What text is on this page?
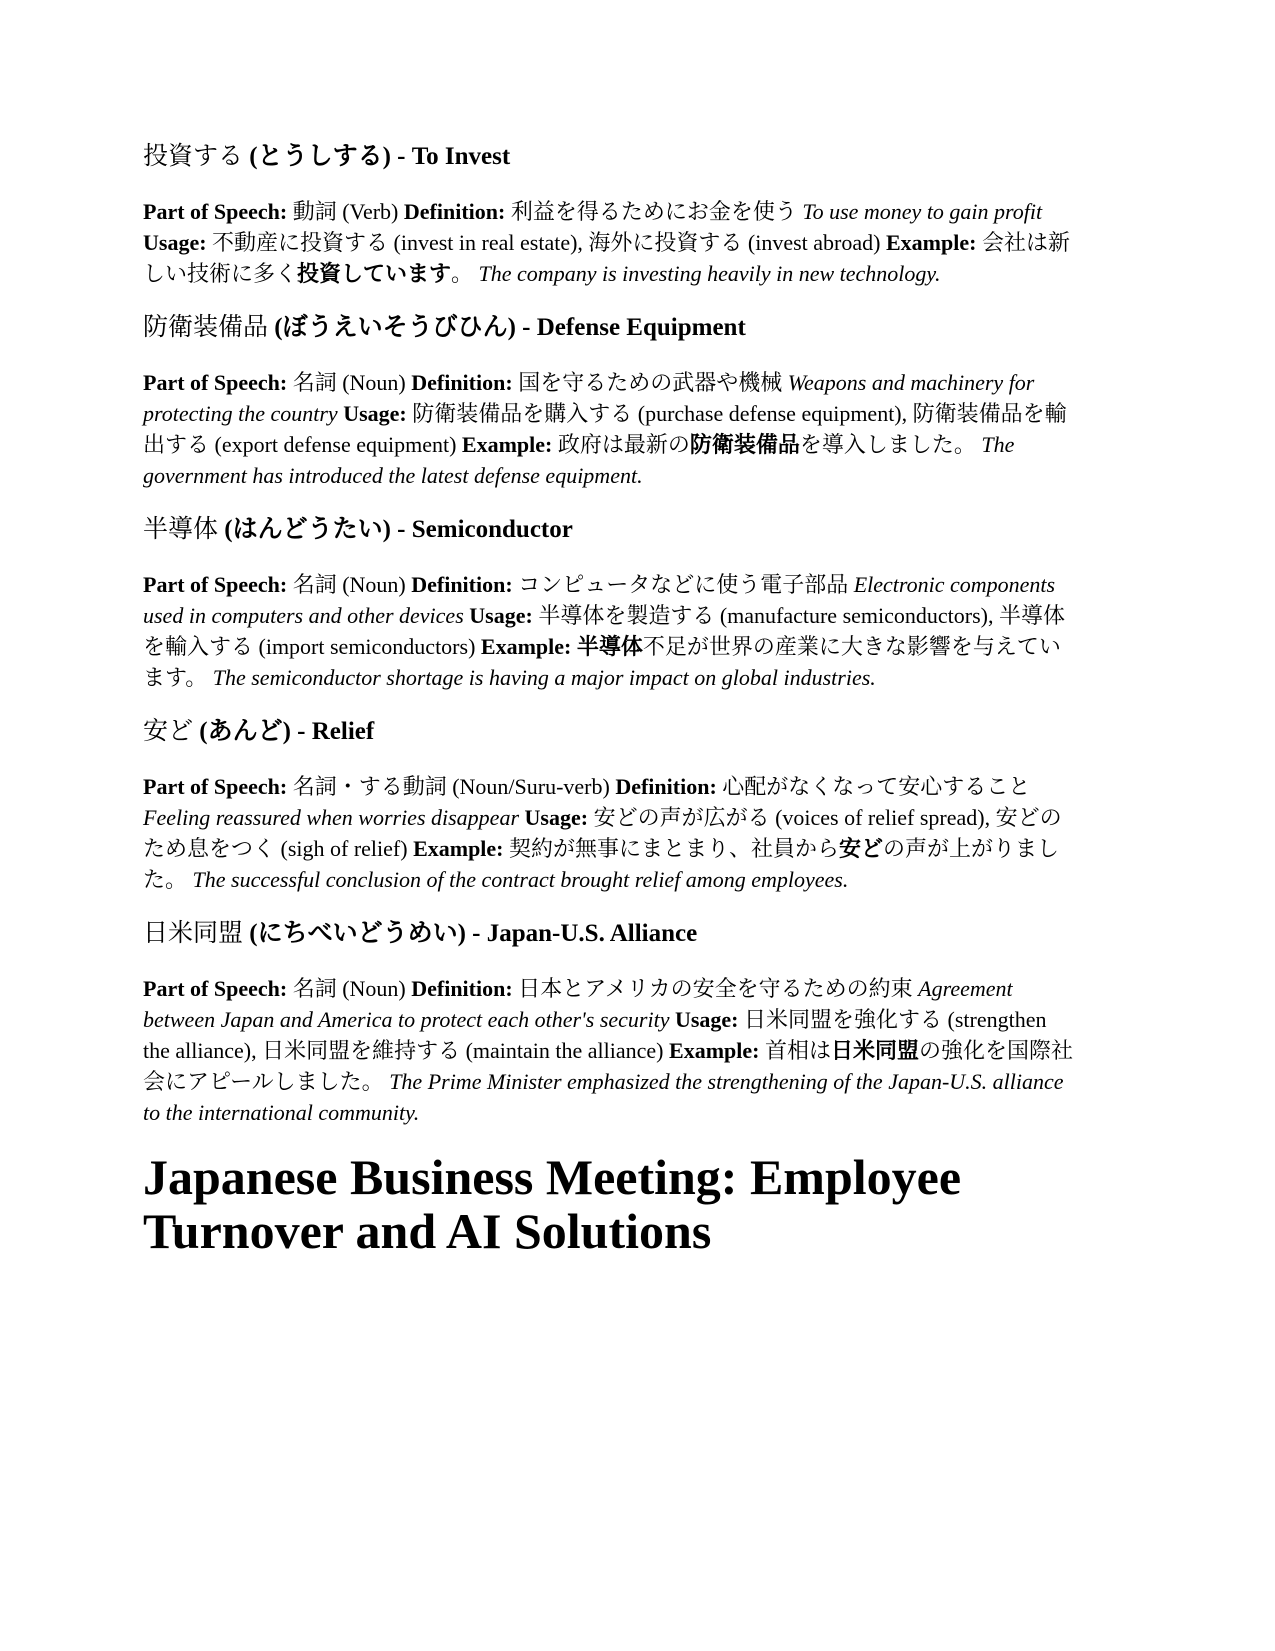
投資する (とうしする) - To Invest

Part of Speech: 動詞 (Verb) Definition: 利益を得るためにお金を使う To use money to gain profit Usage: 不動産に投資する (invest in real estate), 海外に投資する (invest abroad) Example: 会社は新しい技術に多く投資しています。 The company is investing heavily in new technology.

防衛装備品 (ぼうえいそうびひん) - Defense Equipment

Part of Speech: 名詞 (Noun) Definition: 国を守るための武器や機械 Weapons and machinery for protecting the country Usage: 防衛装備品を購入する (purchase defense equipment), 防衛装備品を輸出する (export defense equipment) Example: 政府は最新の防衛装備品を導入しました。 The government has introduced the latest defense equipment.

半導体 (はんどうたい) - Semiconductor

Part of Speech: 名詞 (Noun) Definition: コンピュータなどに使う電子部品 Electronic components used in computers and other devices Usage: 半導体を製造する (manufacture semiconductors), 半導体を輸入する (import semiconductors) Example: 半導体不足が世界の産業に大きな影響を与えています。 The semiconductor shortage is having a major impact on global industries.

安ど (あんど) - Relief

Part of Speech: 名詞・する動詞 (Noun/Suru-verb) Definition: 心配がなくなって安心すること Feeling reassured when worries disappear Usage: 安どの声が広がる (voices of relief spread), 安どのため息をつく (sigh of relief) Example: 契約が無事にまとまり、社員から安どの声が上がりました。 The successful conclusion of the contract brought relief among employees.

日米同盟 (にちべいどうめい) - Japan-U.S. Alliance

Part of Speech: 名詞 (Noun) Definition: 日本とアメリカの安全を守るための約束 Agreement between Japan and America to protect each other's security Usage: 日米同盟を強化する (strengthen the alliance), 日米同盟を維持する (maintain the alliance) Example: 首相は日米同盟の強化を国際社会にアピールしました。 The Prime Minister emphasized the strengthening of the Japan-U.S. alliance to the international community.

Japanese Business Meeting: Employee Turnover and AI Solutions
